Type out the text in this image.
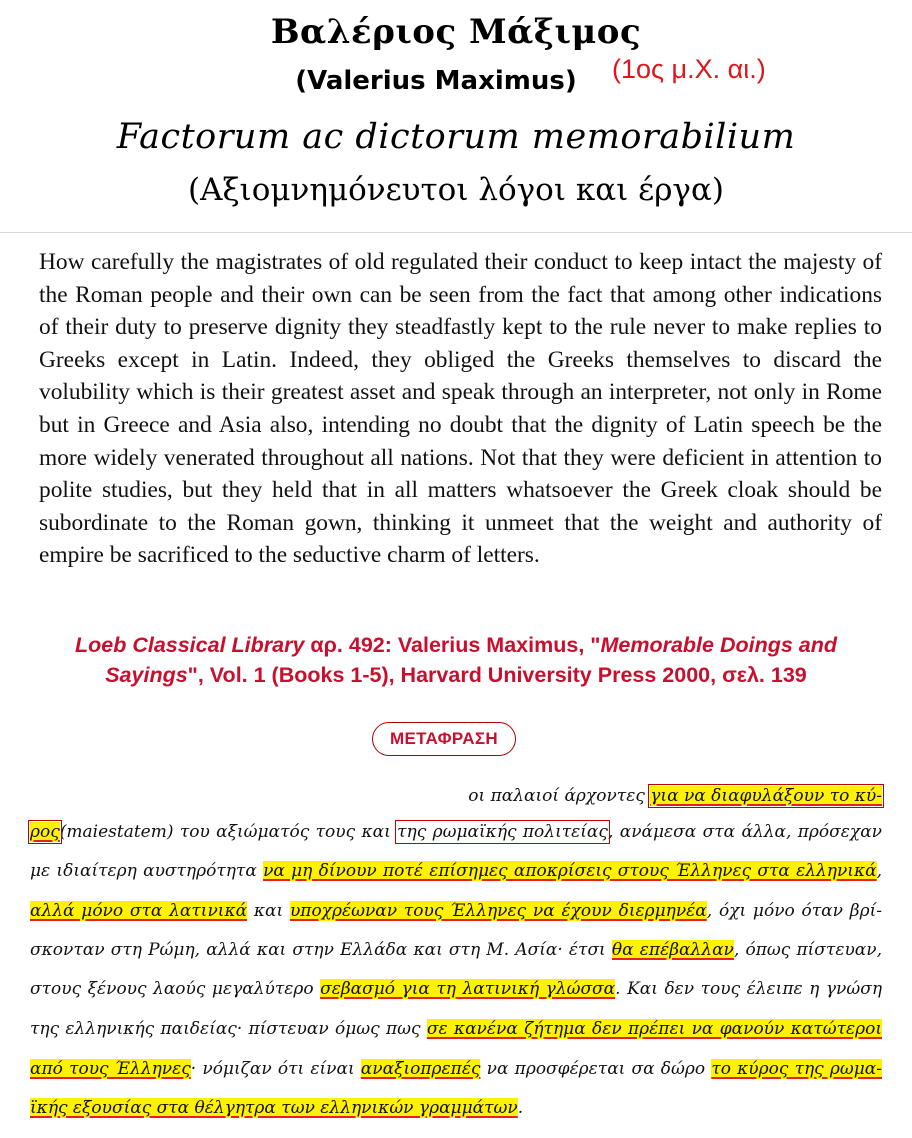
Βαλέριος Μάξιμος
(Valerius Maximus)	(1ος μ.Χ. αι.)
Factorum ac dictorum memorabilium
(Αξιομνημόνευτοι λόγοι και έργα)
How carefully the magistrates of old regulated their conduct to keep intact the majesty of the Roman people and their own can be seen from the fact that among other indications of their duty to preserve dignity they steadfastly kept to the rule never to make replies to Greeks except in Latin. Indeed, they obliged the Greeks themselves to discard the volubility which is their greatest asset and speak through an interpreter, not only in Rome but in Greece and Asia also, intending no doubt that the dignity of Latin speech be the more widely venerated throughout all nations. Not that they were deficient in attention to polite studies, but they held that in all matters whatsoever the Greek cloak should be subordinate to the Roman gown, thinking it unmeet that the weight and authority of empire be sacrificed to the seductive charm of letters.
Loeb Classical Library αρ. 492: Valerius Maximus, "Memorable Doings and
Sayings", Vol. 1 (Books 1-5), Harvard University Press 2000, σελ. 139
ΜΕΤΑΦΡΑΣΗ
οι παλαιοί άρχοντες για να διαφυλάξουν το κύ-
ρος(maiestatem) του αξιώματός τους και της ρωμαϊκής πολιτείας, ανάμεσα στα άλλα, πρόσεχαν
με ιδιαίτερη αυστηρότητα να μη δίνουν ποτέ επίσημες αποκρίσεις στους Έλληνες στα ελληνικά,
αλλά μόνο στα λατινικά και υποχρέωναν τους Έλληνες να έχουν διερμηνέα, όχι μόνο όταν βρί-
σκονταν στη Ρώμη, αλλά και στην Ελλάδα και στη Μ. Ασία· έτσι θα επέβαλλαν, όπως πίστευαν,
στους ξένους λαούς μεγαλύτερο σεβασμό για τη λατινική γλώσσα. Και δεν τους έλειπε η γνώση
της ελληνικής παιδείας· πίστευαν όμως πως σε κανένα ζήτημα δεν πρέπει να φανούν κατώτεροι
από τους Έλληνες· νόμιζαν ότι είναι αναξιοπρεπές να προσφέρεται σα δώρο το κύρος της ρωμα-
ϊκής εξουσίας στα θέλγητρα των ελληνικών γραμμάτων.
